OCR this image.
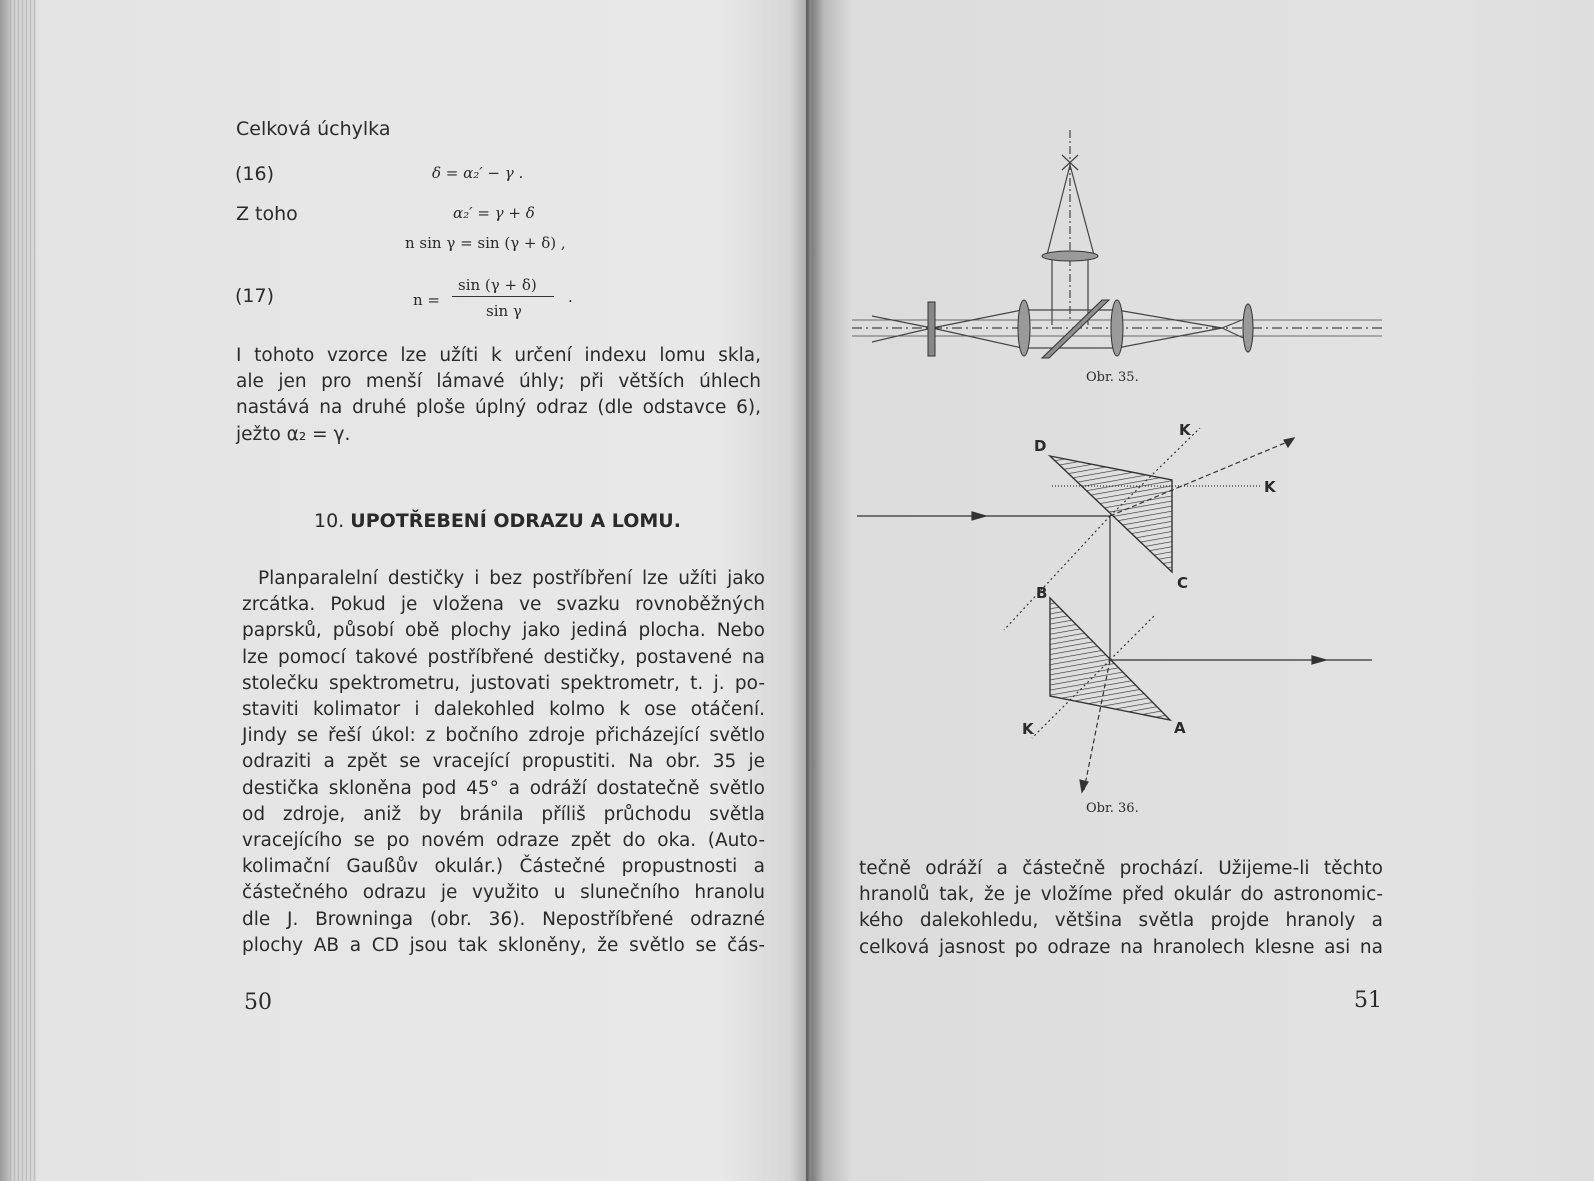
Celková úchylka
(16)	δ = α₂′ − γ .
Z toho	α₂′ = γ + δ
n sin γ = sin (γ + δ) ,
(17)	n =
sin (γ + δ)
sin γ
.
I tohoto vzorce lze užíti k určení indexu lomu skla,
ale jen pro menší lámavé úhly; při větších úhlech
nastává na druhé ploše úplný odraz (dle odstavce 6),
ježto α₂ = γ.
10. UPOTŘEBENÍ ODRAZU A LOMU.
Planparalelní destičky i bez postříbření lze užíti jako
zrcátka. Pokud je vložena ve svazku rovnoběžných
paprsků, působí obě plochy jako jediná plocha. Nebo
lze pomocí takové postříbřené destičky, postavené na
stolečku spektrometru, justovati spektrometr, t. j. po-
staviti kolimator i dalekohled kolmo k ose otáčení.
Jindy se řeší úkol: z bočního zdroje přicházející světlo
odraziti a zpět se vracející propustiti. Na obr. 35 je
destička skloněna pod 45° a odráží dostatečně světlo
od zdroje, aniž by bránila příliš průchodu světla
vracejícího se po novém odraze zpět do oka. (Auto-
kolimační Gaußův okulár.) Částečné propustnosti a
částečného odrazu je využito u slunečního hranolu
dle J. Browninga (obr. 36). Nepostříbřené odrazné
plochy AB a CD jsou tak skloněny, že světlo se čás-
50
Obr. 35.
D
K
K
C
B
A
K
Obr. 36.
tečně odráží a částečně prochází. Užijeme-li těchto
hranolů tak, že je vložíme před okulár do astronomic-
kého dalekohledu, většina světla projde hranoly a
celková jasnost po odraze na hranolech klesne asi na
51
